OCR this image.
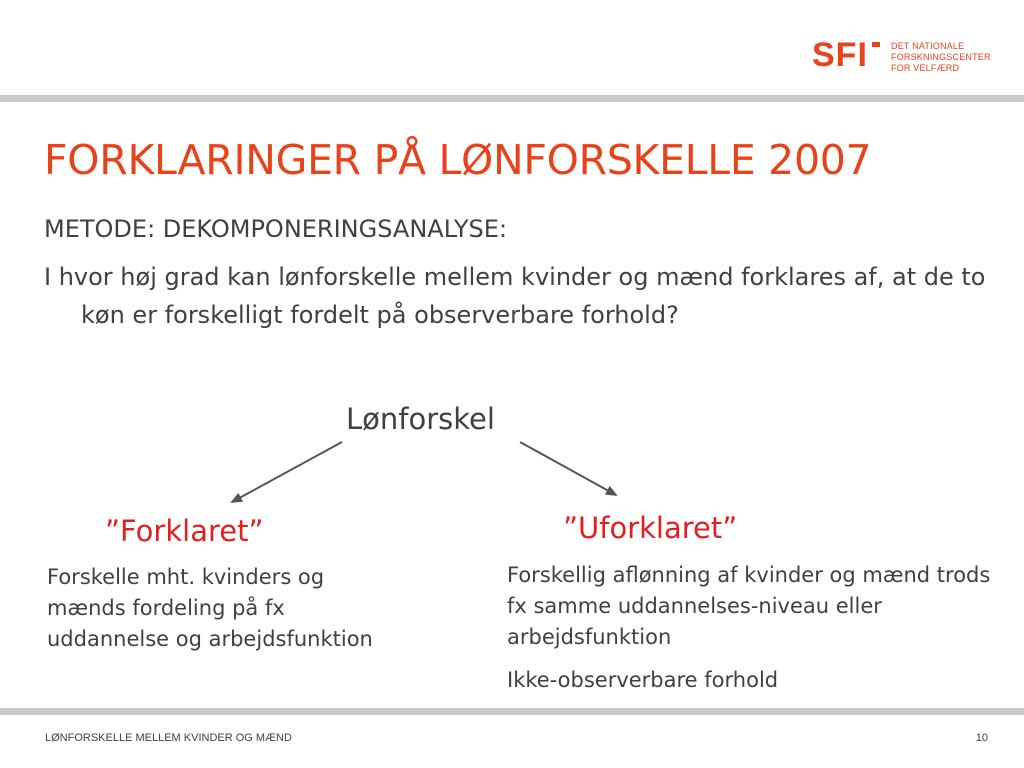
SFI	DET NATIONALE
FORSKNINGSCENTER
FOR VELFÆRD
FORKLARINGER PÅ LØNFORSKELLE 2007
METODE: DEKOMPONERINGSANALYSE:
I hvor høj grad kan lønforskelle mellem kvinder og mænd forklares af, at de to køn er forskelligt fordelt på observerbare forhold?
Lønforskel
”Forklaret”	”Uforklaret”
Forskelle mht. kvinders og mænds fordeling på fx uddannelse og arbejdsfunktion
Forskellig aflønning af kvinder og mænd trods fx samme uddannelses-niveau eller arbejdsfunktion
Ikke-observerbare forhold
LØNFORSKELLE MELLEM KVINDER OG MÆND	10
